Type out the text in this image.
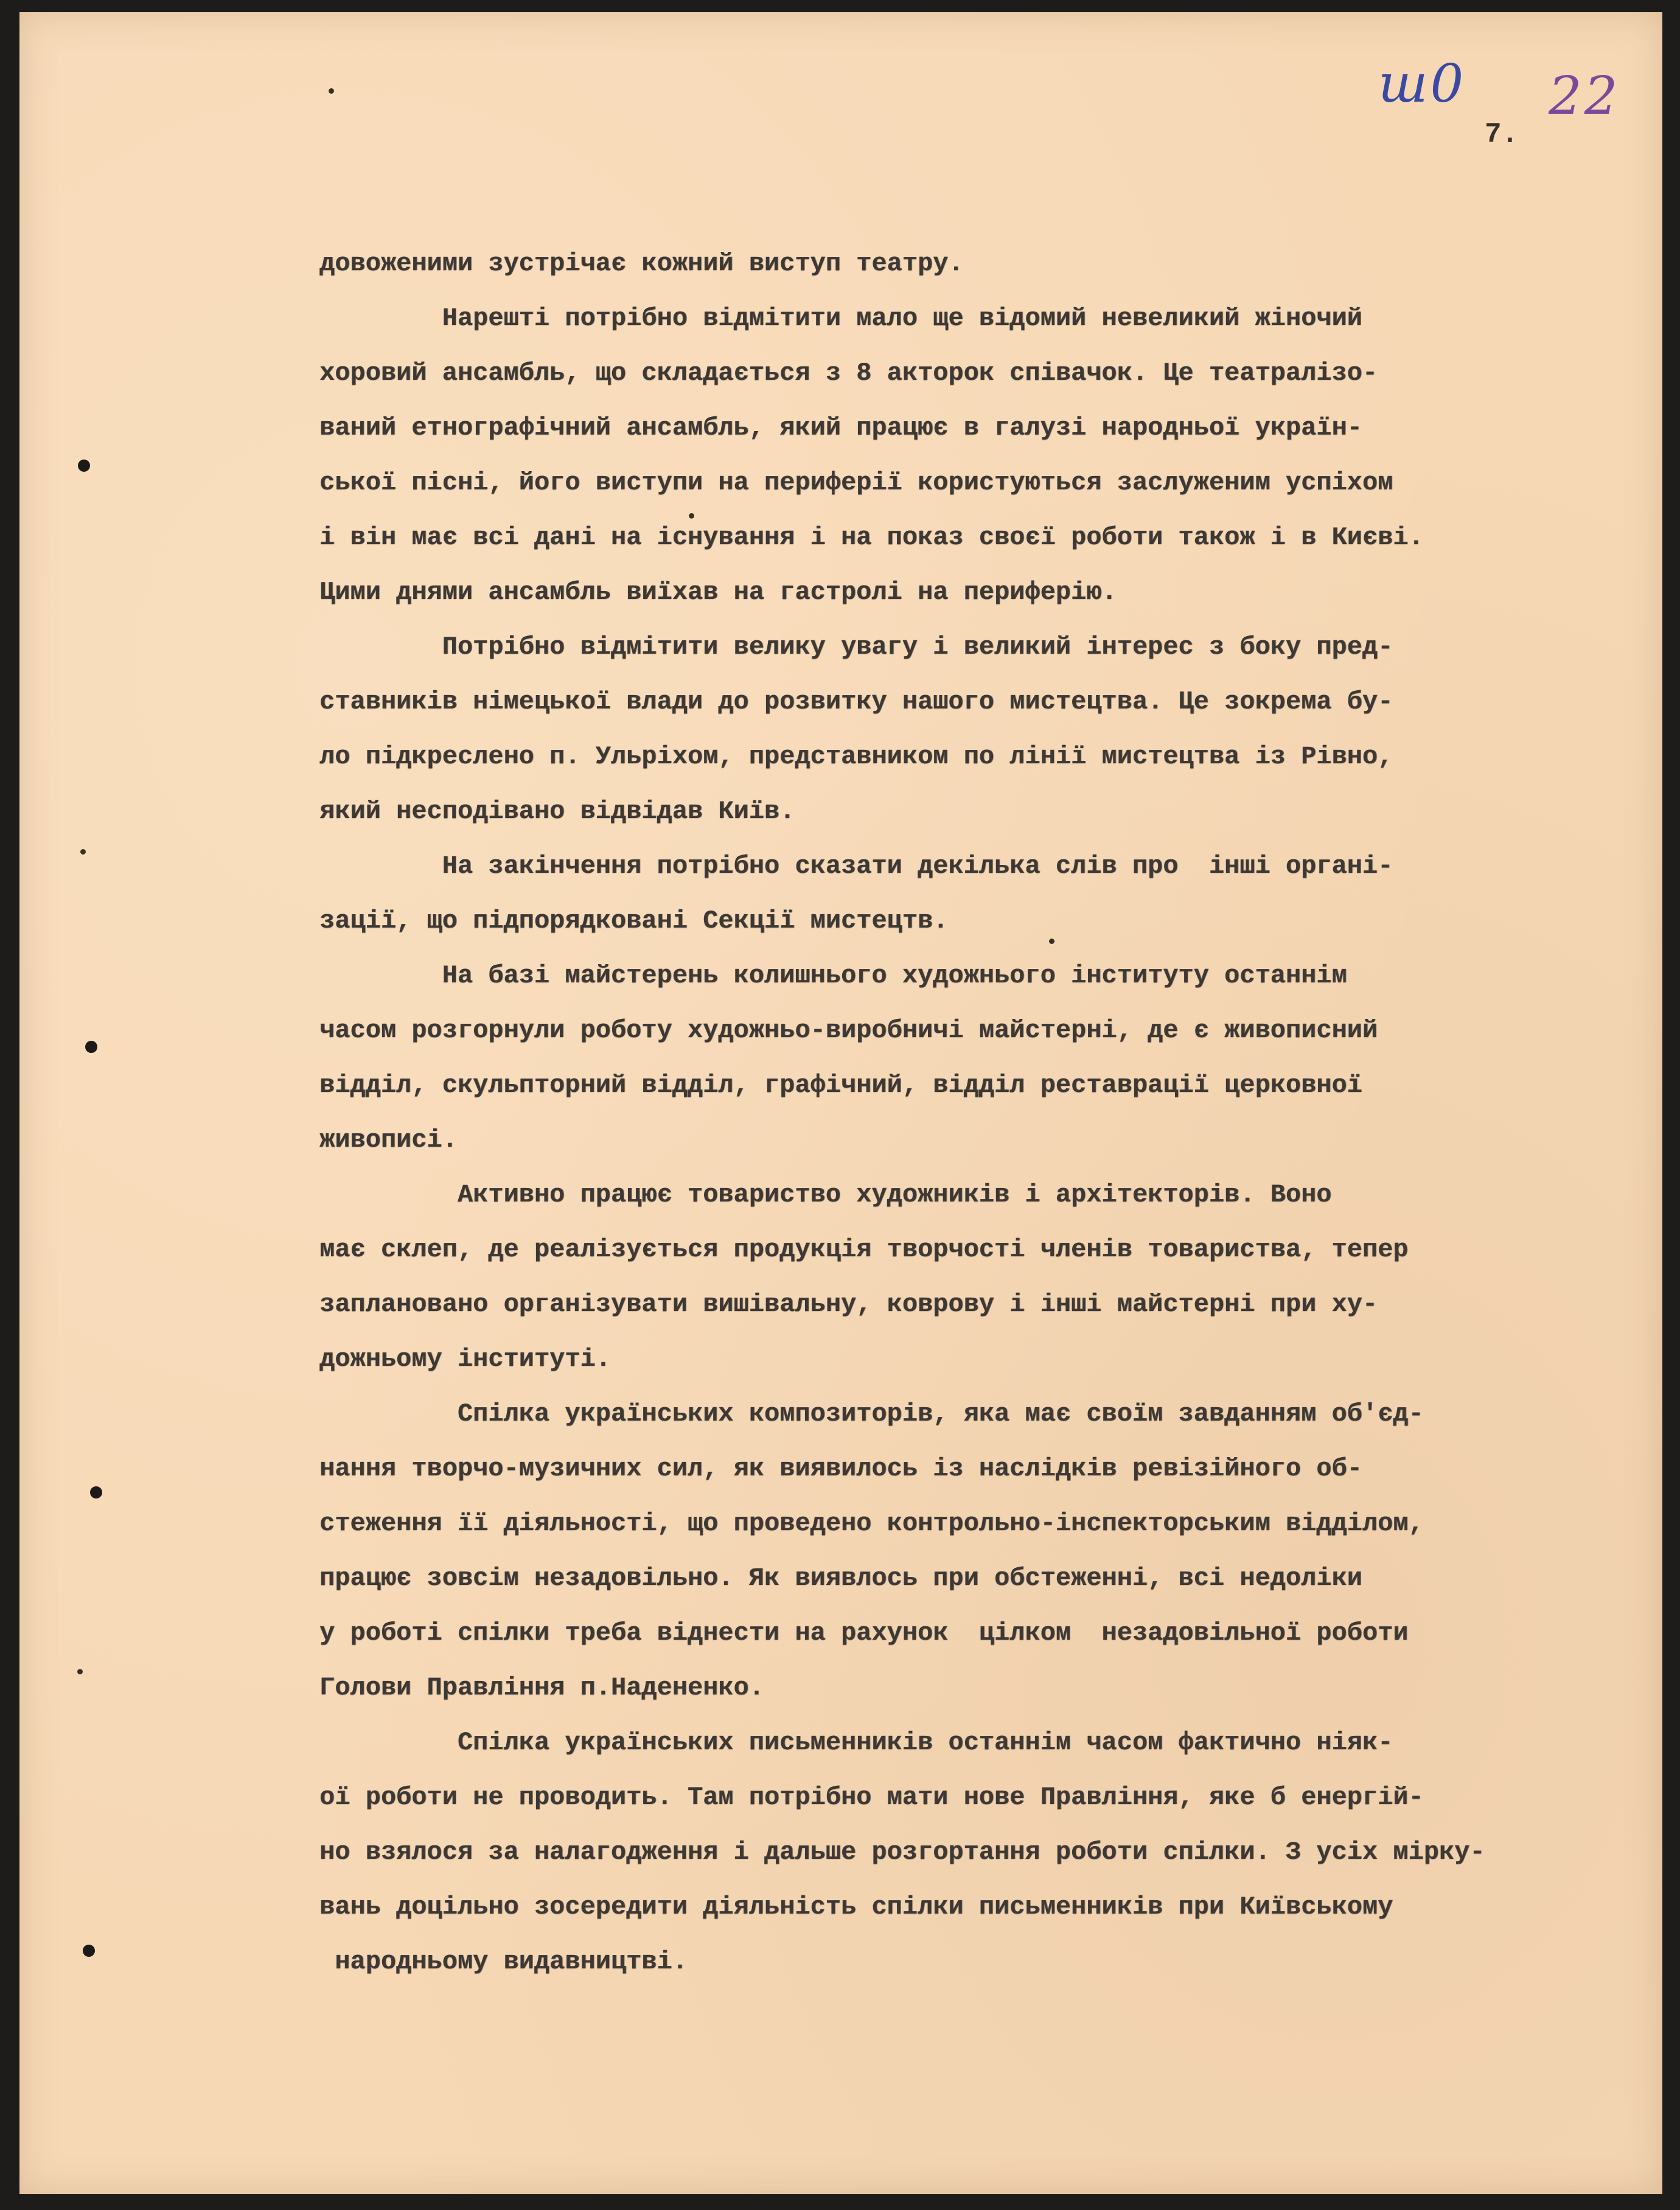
ш0 22
7.

довоженими зустрічає кожний виступ театру.

Нарешті потрібно відмітити мало ще відомий невеликий жіночий

хоровий ансамбль, що складається з 8 акторок співачок. Це театралізо-

ваний етнографічний ансамбль, який працює в галузі народньої україн-

ської пісні, його виступи на периферії користуються заслуженим успіхом

і він має всі дані на існування і на показ своєї роботи також і в Києві.

Цими днями ансамбль виїхав на гастролі на периферію.

Потрібно відмітити велику увагу і великий інтерес з боку пред-

ставників німецької влади до розвитку нашого мистецтва. Це зокрема бу-

ло підкреслено п. Ульріхом, представником по лінії мистецтва із Рівно,

який несподівано відвідав Київ.

На закінчення потрібно сказати декілька слів про  інші органі-

зації, що підпорядковані Секції мистецтв.

На базі майстерень колишнього художнього інституту останнім

часом розгорнули роботу художньо-виробничі майстерні, де є живописний

відділ, скульпторний відділ, графічний, відділ реставрації церковної

живописі.

Активно працює товариство художників і архітекторів. Воно

має склеп, де реалізується продукція творчості членів товариства, тепер

заплановано організувати вишівальну, коврову і інші майстерні при ху-

дожньому інституті.

Спілка українських композиторів, яка має своїм завданням об'єд-

нання творчо-музичних сил, як виявилось із наслідків ревізійного об-

стеження її діяльності, що проведено контрольно-інспекторським відділом,

працює зовсім незадовільно. Як виявлось при обстеженні, всі недоліки

у роботі спілки треба віднести на рахунок  цілком  незадовільної роботи

Голови Правління п.Надененко.

Спілка українських письменників останнім часом фактично ніяк-

ої роботи не проводить. Там потрібно мати нове Правління, яке б енергій-

но взялося за налагодження і дальше розгортання роботи спілки. З усіх мірку-

вань доцільно зосередити діяльність спілки письменників при Київському

народньому видавництві.
